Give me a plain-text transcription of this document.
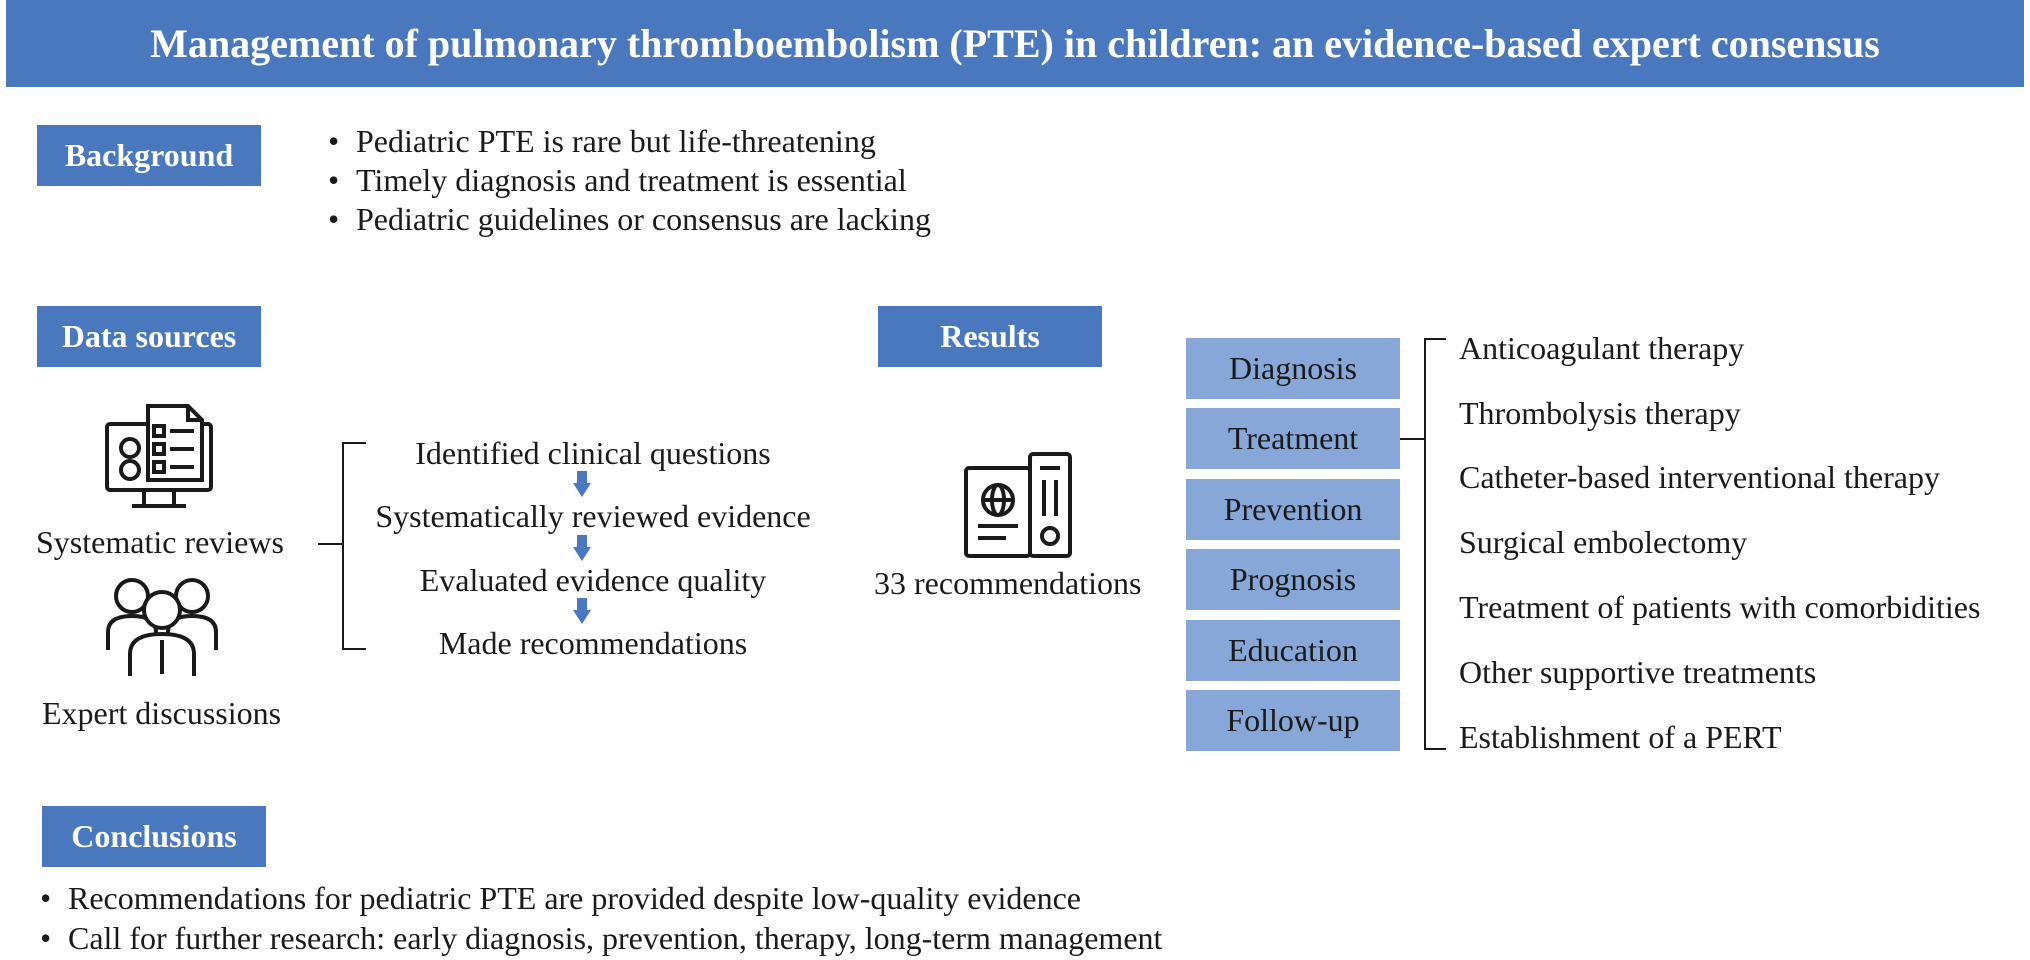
Management of pulmonary thromboembolism (PTE) in children: an evidence-based expert consensus
Background
•	Pediatric PTE is rare but life-threatening
• Timely diagnosis and treatment is essential
• Pediatric guidelines or consensus are lacking
Data sources
Systematic reviews
Expert discussions
Identified clinical questions
Systematically reviewed evidence
Evaluated evidence quality
Made recommendations
Results
33 recommendations
Diagnosis
Treatment
Prevention
Prognosis
Education
Follow-up
Anticoagulant therapy
Thrombolysis therapy
Catheter-based interventional therapy
Surgical embolectomy
Treatment of patients with comorbidities
Other supportive treatments
Establishment of a PERT
Conclusions
• Recommendations for pediatric PTE are provided despite low-quality evidence
• Call for further research: early diagnosis, prevention, therapy, long-term management
